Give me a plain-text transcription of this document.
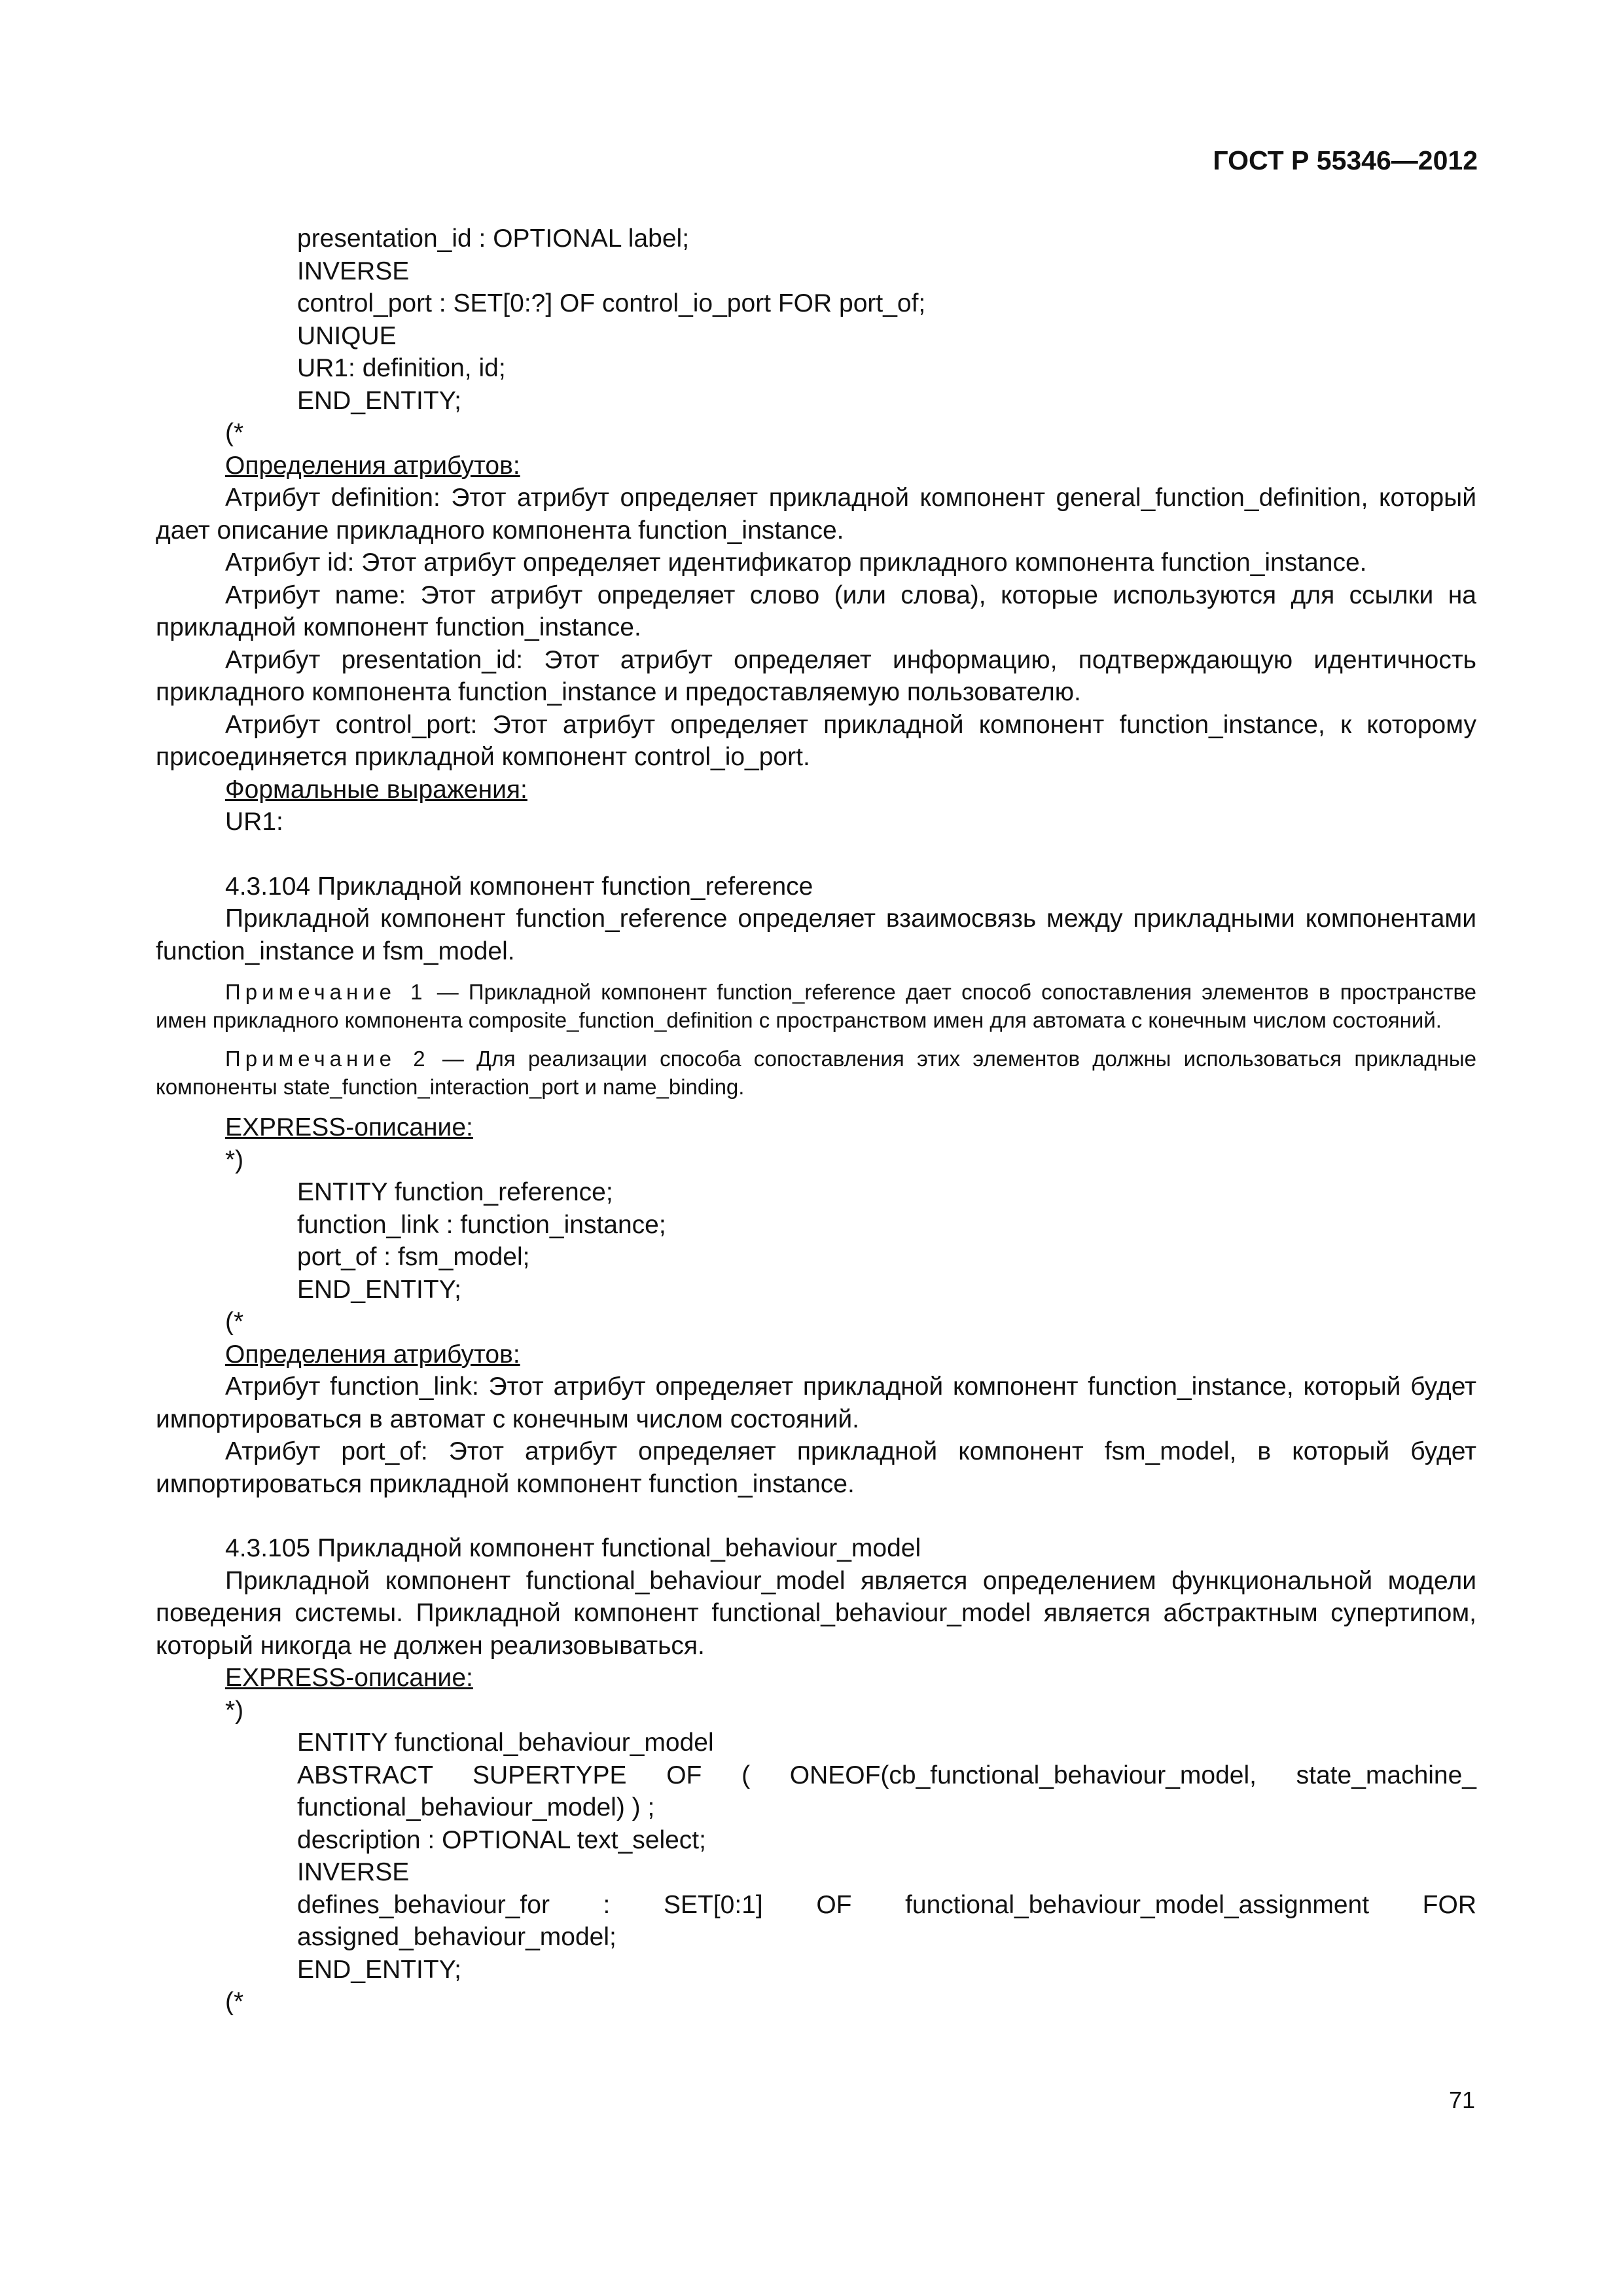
ГОСТ Р 55346—2012

presentation_id : OPTIONAL label;

INVERSE

control_port : SET[0:?] OF control_io_port FOR port_of;

UNIQUE

UR1: definition, id;

END_ENTITY;

(*

Определения атрибутов:

Атрибут definition: Этот атрибут определяет прикладной компонент general_function_definition, который дает описание прикладного компонента function_instance.

Атрибут id: Этот атрибут определяет идентификатор прикладного компонента function_instance.

Атрибут name: Этот атрибут определяет слово (или слова), которые используются для ссылки на прикладной компонент function_instance.

Атрибут presentation_id: Этот атрибут определяет информацию, подтверждающую идентичность прикладного компонента function_instance и предоставляемую пользователю.

Атрибут control_port: Этот атрибут определяет прикладной компонент function_instance, к которому присоединяется прикладной компонент control_io_port.

Формальные выражения:

UR1:

4.3.104 Прикладной компонент function_reference

Прикладной компонент function_reference определяет взаимосвязь между прикладными компонентами function_instance и fsm_model.

Примечание 1 — Прикладной компонент function_reference дает способ сопоставления элементов в пространстве имен прикладного компонента composite_function_definition с пространством имен для автомата с конечным числом состояний.

Примечание 2 — Для реализации способа сопоставления этих элементов должны использоваться прикладные компоненты state_function_interaction_port и name_binding.

EXPRESS-описание:

*)

ENTITY function_reference;

function_link : function_instance;

port_of : fsm_model;

END_ENTITY;

(*

Определения атрибутов:

Атрибут function_link: Этот атрибут определяет прикладной компонент function_instance, который будет импортироваться в автомат с конечным числом состояний.

Атрибут port_of: Этот атрибут определяет прикладной компонент fsm_model, в который будет импортироваться прикладной компонент function_instance.

4.3.105 Прикладной компонент functional_behaviour_model

Прикладной компонент functional_behaviour_model является определением функциональной модели поведения системы. Прикладной компонент functional_behaviour_model является абстрактным супертипом, который никогда не должен реализовываться.

EXPRESS-описание:

*)

ENTITY functional_behaviour_model

ABSTRACT SUPERTYPE OF ( ONEOF(cb_functional_behaviour_model, state_machine_ functional_behaviour_model) ) ;

description : OPTIONAL text_select;

INVERSE

defines_behaviour_for : SET[0:1] OF functional_behaviour_model_assignment FOR assigned_behaviour_model;

END_ENTITY;

(*

71
